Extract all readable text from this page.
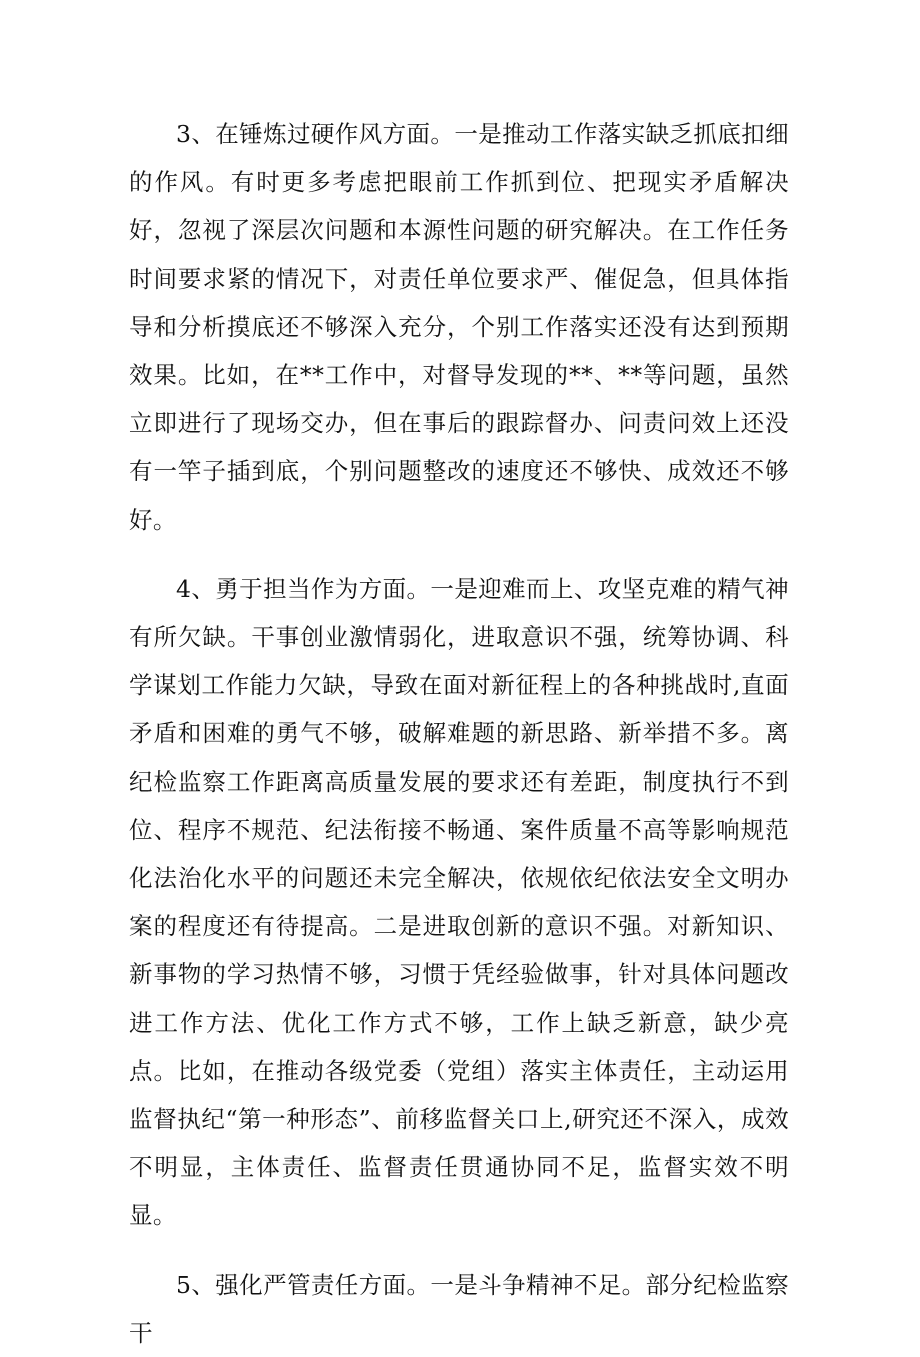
3、在锤炼过硬作风方面。一是推动工作落实缺乏抓底扣细的作风。有时更多考虑把眼前工作抓到位、把现实矛盾解决好，忽视了深层次问题和本源性问题的研究解决。在工作任务时间要求紧的情况下，对责任单位要求严、催促急，但具体指导和分析摸底还不够深入充分，个别工作落实还没有达到预期效果。比如，在**工作中，对督导发现的**、**等问题，虽然立即进行了现场交办，但在事后的跟踪督办、问责问效上还没有一竿子插到底，个别问题整改的速度还不够快、成效还不够好。

4、勇于担当作为方面。一是迎难而上、攻坚克难的精气神有所欠缺。干事创业激情弱化，进取意识不强，统筹协调、科学谋划工作能力欠缺，导致在面对新征程上的各种挑战时,直面矛盾和困难的勇气不够，破解难题的新思路、新举措不多。离纪检监察工作距离高质量发展的要求还有差距，制度执行不到位、程序不规范、纪法衔接不畅通、案件质量不高等影响规范化法治化水平的问题还未完全解决，依规依纪依法安全文明办案的程度还有待提高。二是进取创新的意识不强。对新知识、新事物的学习热情不够，习惯于凭经验做事，针对具体问题改进工作方法、优化工作方式不够，工作上缺乏新意，缺少亮点。比如，在推动各级党委（党组）落实主体责任，主动运用监督执纪“第一种形态”、前移监督关口上,研究还不深入，成效不明显，主体责任、监督责任贯通协同不足，监督实效不明显。

5、强化严管责任方面。一是斗争精神不足。部分纪检监察干
